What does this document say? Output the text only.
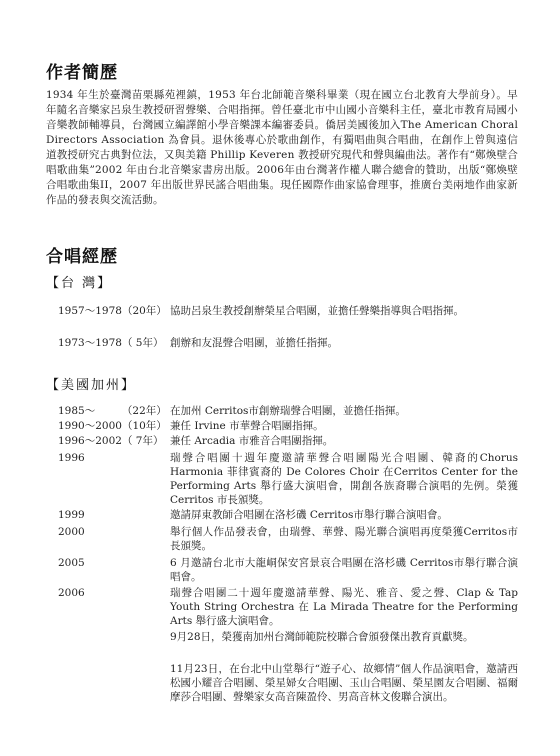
作者簡歷

1934 年生於臺灣苗栗縣苑裡鎮，1953 年台北師範音樂科畢業（現在國立台北教育大學前身）。早年隨名音樂家呂泉生教授研習聲樂、合唱指揮。曾任臺北市中山國小音樂科主任，臺北市教育局國小音樂教師輔導員，台灣國立編譯館小學音樂課本編審委員。僑居美國後加入The American Choral Directors Association 為會員。退休後專心於歌曲創作，有獨唱曲與合唱曲，在創作上曾與遠信道教授研究古典對位法，又與美籍 Phillip Keveren 教授研究現代和聲與編曲法。著作有“鄭煥壁合唱歌曲集”2002 年由台北音樂家書房出版。2006年由台灣著作權人聯合總會的贊助，出版“鄭煥壁合唱歌曲集II，2007 年出版世界民謠合唱曲集。現任國際作曲家協會理事，推廣台美兩地作曲家新作品的發表與交流活動。

合唱經歷
【台 灣】
1957～1978（20年） 協助呂泉生教授創辦榮星合唱團，並擔任聲樂指導與合唱指揮。
1973～1978（ 5年） 創辦和友混聲合唱團，並擔任指揮。
【美國加州】
1985～        （22年） 在加州 Cerritos市創辦瑞聲合唱團，並擔任指揮。
1990～2000（10年） 兼任 Irvine 市華聲合唱團指揮。
1996～2002（ 7年） 兼任 Arcadia 市雅音合唱團指揮。
1996	瑞聲合唱團十週年慶邀請華聲合唱團陽光合唱團、韓裔的Chorus Harmonia 菲律賓裔的 De Colores Choir 在Cerritos Center for the Performing Arts 舉行盛大演唱會，開創各族裔聯合演唱的先例。榮獲 Cerritos 市長頒獎。
1999	邀請屏東教師合唱團在洛杉磯 Cerritos市舉行聯合演唱會。
2000	舉行個人作品發表會，由瑞聲、華聲、陽光聯合演唱再度榮獲Cerritos市長頒獎。
2005	6 月邀請台北市大龍峒保安宮景哀合唱團在洛杉磯 Cerritos市舉行聯合演唱會。
2006	瑞聲合唱團二十週年慶邀請華聲、陽光、雅音、愛之聲、Clap & Tap Youth String Orchestra 在 La Mirada Theatre for the Performing Arts 舉行盛大演唱會。
9月28日，榮獲南加州台灣師範院校聯合會頒發傑出教育貢獻獎。
11月23日，在台北中山堂舉行“遊子心、故鄉情”個人作品演唱會，邀請西松國小耀音合唱團、榮星婦女合唱團、玉山合唱團、榮星園友合唱團、福爾摩莎合唱團、聲樂家女高音陳盈伶、男高音林文俊聯合演出。
